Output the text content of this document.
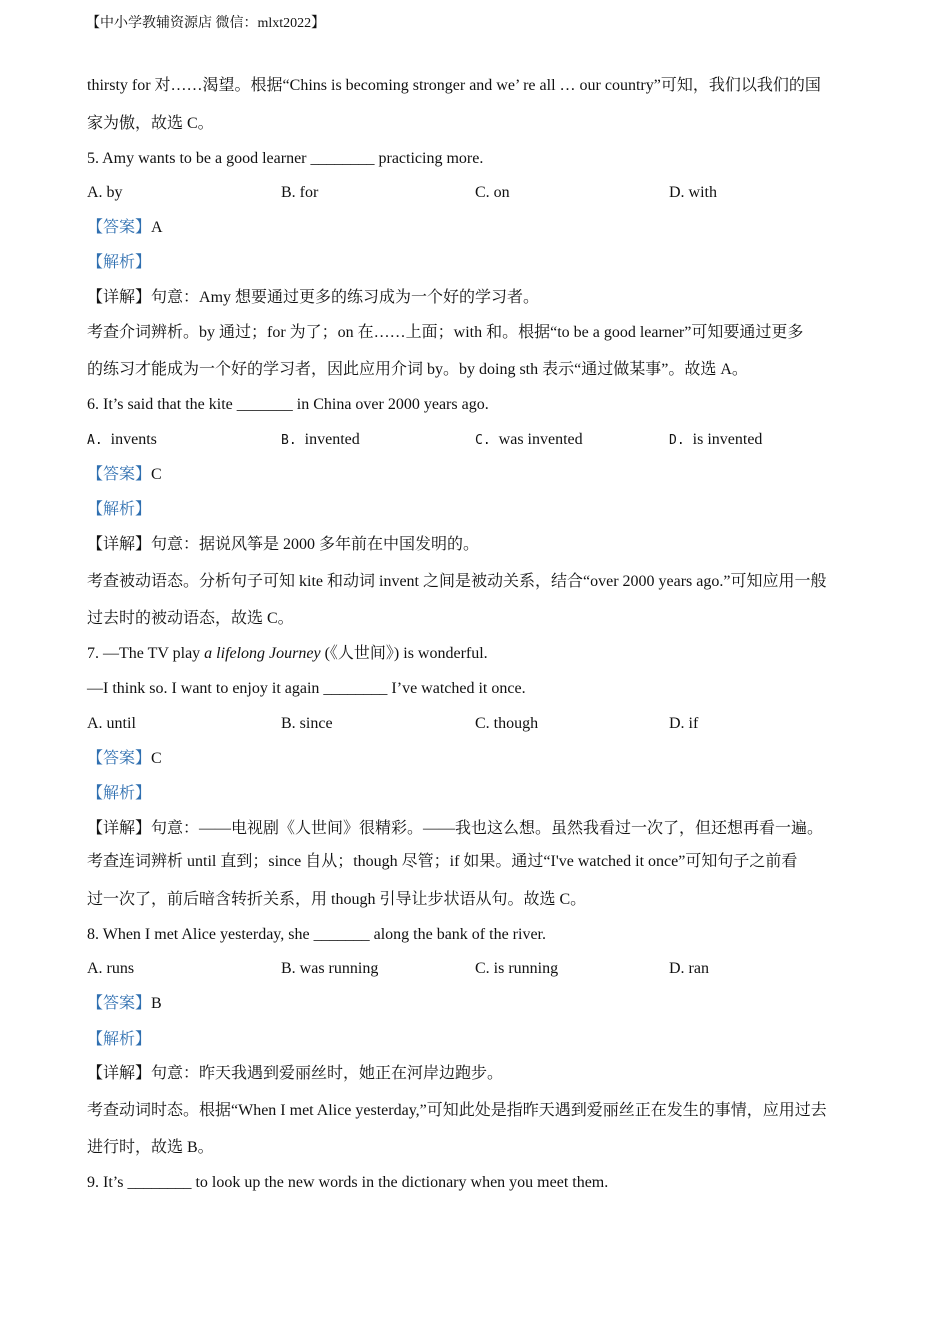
【中小学教辅资源店 微信：mlxt2022】
thirsty for 对……渴望。根据“Chins is becoming stronger and we’ re all … our country”可知，我们以我们的国
家为傲，故选 C。
5. Amy wants to be a good learner ________ practicing more.
A. by	B. for	C. on	D. with
【答案】A
【解析】
【详解】句意：Amy 想要通过更多的练习成为一个好的学习者。
考查介词辨析。by 通过；for 为了；on 在……上面；with 和。根据“to be a good learner”可知要通过更多
的练习才能成为一个好的学习者，因此应用介词 by。by doing sth 表示“通过做某事”。故选 A。
6. It’s said that the kite _______ in China over 2000 years ago.
A. invents	B. invented	C. was invented	D. is invented
【答案】C
【解析】
【详解】句意：据说风筝是 2000 多年前在中国发明的。
考查被动语态。分析句子可知 kite 和动词 invent 之间是被动关系，结合“over 2000 years ago.”可知应用一般
过去时的被动语态，故选 C。
7. —The TV play a lifelong Journey (《人世间》) is wonderful.
—I think so. I want to enjoy it again ________ I’ve watched it once.
A. until	B. since	C. though	D. if
【答案】C
【解析】
【详解】句意：——电视剧《人世间》很精彩。——我也这么想。虽然我看过一次了，但还想再看一遍。
考查连词辨析 until 直到；since 自从；though 尽管；if 如果。通过“I've watched it once”可知句子之前看
过一次了，前后暗含转折关系，用 though 引导让步状语从句。故选 C。
8. When I met Alice yesterday, she _______ along the bank of the river.
A. runs	B. was running	C. is running	D. ran
【答案】B
【解析】
【详解】句意：昨天我遇到爱丽丝时，她正在河岸边跑步。
考查动词时态。根据“When I met Alice yesterday,”可知此处是指昨天遇到爱丽丝正在发生的事情，应用过去
进行时，故选 B。
9. It’s ________ to look up the new words in the dictionary when you meet them.
